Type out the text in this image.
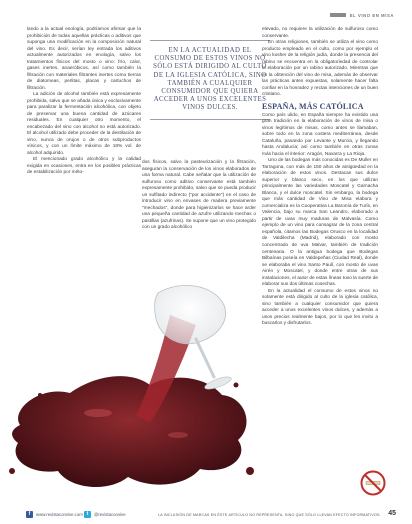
EL VINO EN MISA

lando a la actual enología, podríamos afirmar que la prohibición de todas aquellas prácticas o aditivos que suponga una modificación en la composición natural del vino. Es decir, serían ley entrada los aditivos actualmente autorizados en enología, salvo los tratamientos físicos del mosto o vino: frío, calor, gases inertes, anaeróbicos, así como también la filtración con materiales filtrantes inertes como tierras de diatomeas, perlitas, placas y cartuchos de filtración.

La adición de alcohol también está expresamente prohibida, salvo que se añada única y exclusivamente para paralizar la fermentación alcohólica, con objeto de preservar una buena cantidad de azúcares residuales. En cualquier otro momento, el encabezado del vino con alcohol no está autorizado. El alcohol utilizado debe proceder de la destilación de vino, nunca de orujos o de otros subproductos vínicos, y con un límite máximo de 18% vol. de alcohol adquirido.

El mencionado grado alcohólico y la calidad exigida en ocasiones, entra en los posibles prácticas de estabilización por méto-

EN LA ACTUALIDAD EL CONSUMO DE ESTOS VINOS NO SÓLO ESTÁ DIRIGIDO AL CULTO DE LA IGLESIA CATÓLICA, SINO TAMBIÉN A CUALQUIER CONSUMIDOR QUE QUIERA ACCEDER A UNOS EXCELENTES VINOS DULCES.

dos físicos, salvo la pasteurización y la filtración, aseguran la conservación de los vinos elaborados de una forma natural. Cabe señalar que la utilización de sulfuroso como aditivo conservante está también expresamente prohibido, salvo que se pueda producir un sulfitado indirecto ("por accidente") en el caso de introducir vino en envases de madera previamente "mechados", donde para higienizarlos se hace arder una pequeña cantidad de azufre utilizando mechas o pastillas (azufrinas). Se supone que un vino protegido con un grado alcohólico

elevado, no requiere la utilización de sulfuroso como conservante.

En otras religiones, también se utiliza el vino como producto empleado en el culto, como por ejemplo el vino kosher de la religión judía, donde la presencia del rabino se encuentra en la obligatoriedad de controlar la elaboración por un rabino autorizado. Mientras que en la obtención del vino de misa, además de observar las prácticas antes expuestas, solamente hacer falta confiar en la honradez y rectas intenciones de un buen cristiano.

ESPAÑA, MÁS CATÓLICA

Como país ulido, en España siempre ha existido una gran tradición en la elaboración de vinos de misa o vinos legítimos de misas, como antes se llamaban, sobre todo en la zona costera mediterránea, desde Cataluña, pasando por Levante y Murcia, y llegando hasta Andalucía; así como también en otras zonas más hacia el interior: Aragón, Navarra y La Rioja.

Uno de las bodegas más conocidas es De Muller en Tarragona, con más de 150 años de antigüedad en la elaboración de estos vinos. Destacan sus dulce superior y blanco seco, en los que utilizan principalmente las variedades Moscatel y Garnacha Blanca, y el dulce moscatel. Sin embargo, la bodega que más cantidad de Vino de Misa elabora y comercializa es la Cooperativa La Baronía de Turís, en Valencia, bajo su marca San Leandro, elaborado a partir de uvas muy maduras de Malvasía. Como ejemplo de un vino para consagrar de la zona central española, citamos las Bodegas Orusco en la localidad de Valdilecha (Madrid), elaborado con mosto concentrado de uva Malvar, también de tradición centenaria. O la antigua bodega que Bodegas Bilbaínas poseía en Valdepeñas (Ciudad Real), donde se elaboraba el vino Santo Paulí, con mosto de uvas Airén y Moscatel, y donde entre otras de sus instalaciones, el autor de estas líneas tuvo la suerte de elaborar sus dos últimas cosechas.

En la actualidad el consumo de estos vinos no solamente está dirigido al culto de la iglesia católica, sino también a cualquier consumidor que quiera acceder a unos excelentes vinos dulces, y además a unos precios realmente bajos, por lo que les invito a buscarlos y disfrutarlos.

f	www.revistaconvive.com t	@revistaconvive	LA INCLUSIÓN DE MARCAS EN ÉSTE ARTÍCULO NO REPRESENTA, SINO QUE SÓLO LLEVAN EFECTO INFORMATIVOS. 45
